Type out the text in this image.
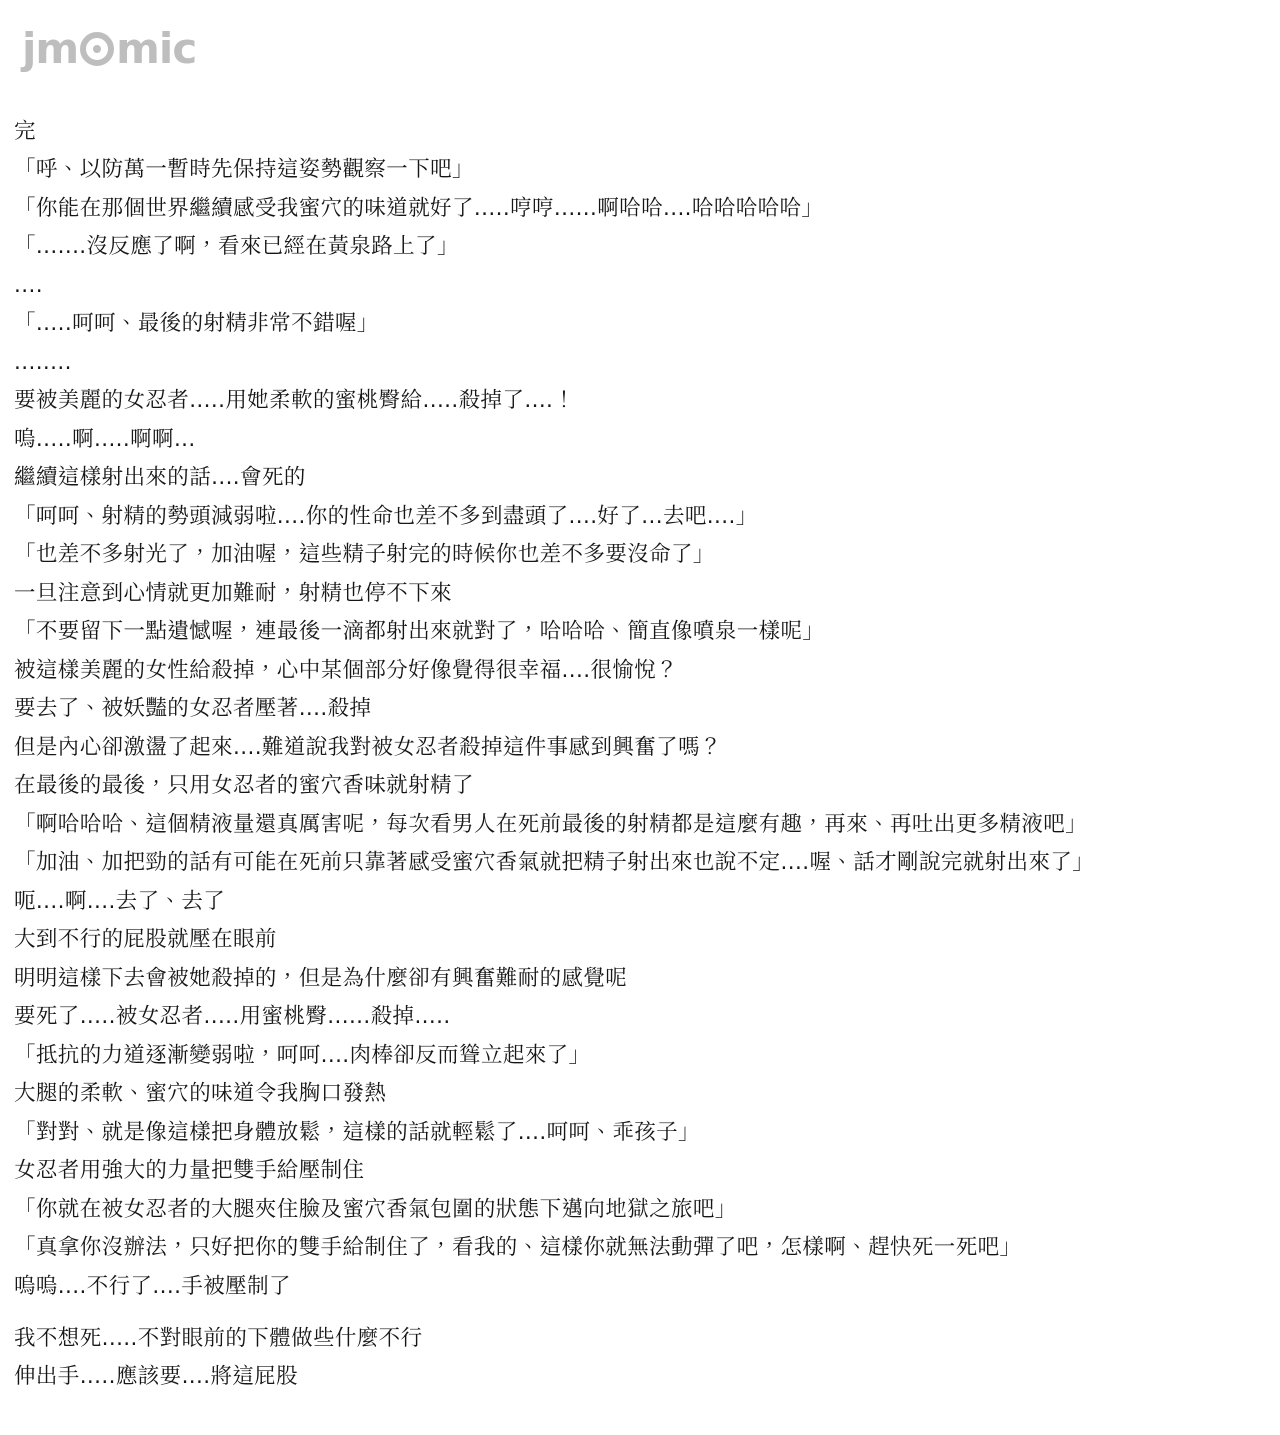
jm mic

完

「呼、以防萬一暫時先保持這姿勢觀察一下吧」

「你能在那個世界繼續感受我蜜穴的味道就好了.....哼哼......啊哈哈....哈哈哈哈哈」

「.......沒反應了啊，看來已經在黃泉路上了」

....

「.....呵呵、最後的射精非常不錯喔」

........

要被美麗的女忍者.....用她柔軟的蜜桃臀給.....殺掉了....！

嗚.....啊.....啊啊...

繼續這樣射出來的話....會死的

「呵呵、射精的勢頭減弱啦....你的性命也差不多到盡頭了....好了...去吧....」

「也差不多射光了，加油喔，這些精子射完的時候你也差不多要沒命了」

一旦注意到心情就更加難耐，射精也停不下來

「不要留下一點遺憾喔，連最後一滴都射出來就對了，哈哈哈、簡直像噴泉一樣呢」

被這樣美麗的女性給殺掉，心中某個部分好像覺得很幸福....很愉悅？

要去了、被妖豔的女忍者壓著....殺掉

但是內心卻激盪了起來....難道說我對被女忍者殺掉這件事感到興奮了嗎？

在最後的最後，只用女忍者的蜜穴香味就射精了

「啊哈哈哈、這個精液量還真厲害呢，每次看男人在死前最後的射精都是這麼有趣，再來、再吐出更多精液吧」

「加油、加把勁的話有可能在死前只靠著感受蜜穴香氣就把精子射出來也說不定....喔、話才剛說完就射出來了」

呃....啊....去了、去了

大到不行的屁股就壓在眼前

明明這樣下去會被她殺掉的，但是為什麼卻有興奮難耐的感覺呢

要死了.....被女忍者.....用蜜桃臀......殺掉.....

「抵抗的力道逐漸變弱啦，呵呵....肉棒卻反而聳立起來了」

大腿的柔軟、蜜穴的味道令我胸口發熱

「對對、就是像這樣把身體放鬆，這樣的話就輕鬆了....呵呵、乖孩子」

女忍者用強大的力量把雙手給壓制住

「你就在被女忍者的大腿夾住臉及蜜穴香氣包圍的狀態下邁向地獄之旅吧」

「真拿你沒辦法，只好把你的雙手給制住了，看我的、這樣你就無法動彈了吧，怎樣啊、趕快死一死吧」

嗚嗚....不行了....手被壓制了

我不想死.....不對眼前的下體做些什麼不行

伸出手.....應該要....將這屁股
